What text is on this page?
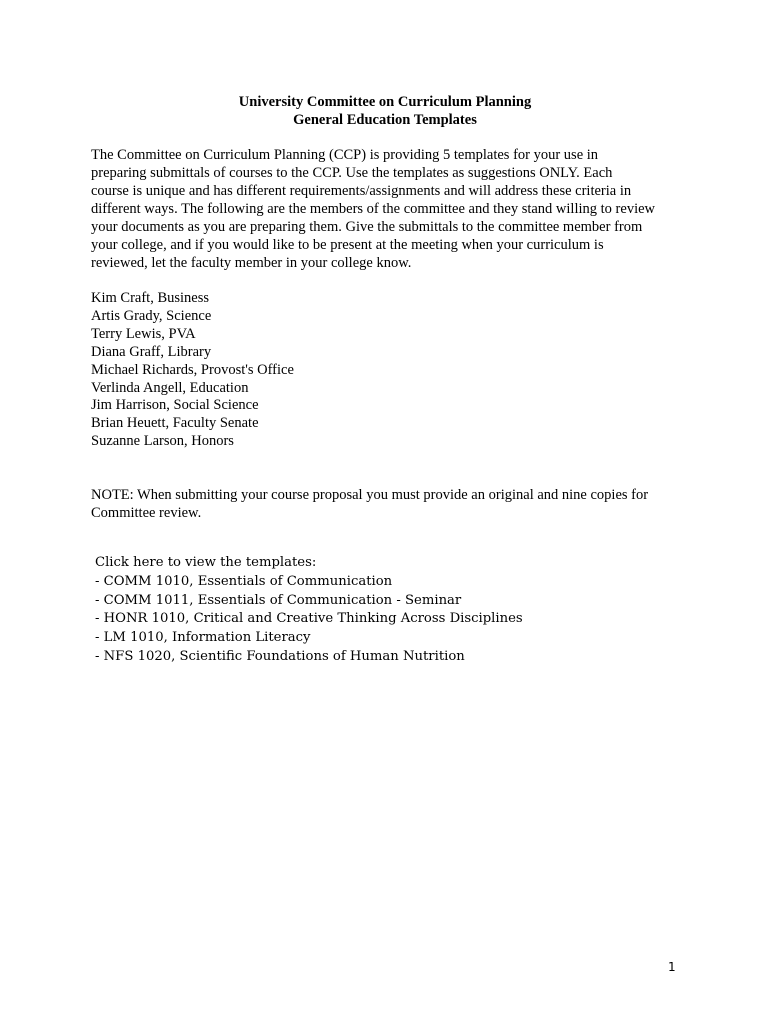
University Committee on Curriculum Planning
General Education Templates

The Committee on Curriculum Planning (CCP) is providing 5 templates for your use in
preparing submittals of courses to the CCP. Use the templates as suggestions ONLY. Each
course is unique and has different requirements/assignments and will address these criteria in
different ways. The following are the members of the committee and they stand willing to review
your documents as you are preparing them. Give the submittals to the committee member from
your college, and if you would like to be present at the meeting when your curriculum is
reviewed, let the faculty member in your college know.

Kim Craft, Business
Artis Grady, Science
Terry Lewis, PVA
Diana Graff, Library
Michael Richards, Provost's Office
Verlinda Angell, Education
Jim Harrison, Social Science
Brian Heuett, Faculty Senate
Suzanne Larson, Honors
NOTE: When submitting your course proposal you must provide an original and nine copies for
Committee review.
Click here to view the templates:
- COMM 1010, Essentials of Communication
- COMM 1011, Essentials of Communication - Seminar
- HONR 1010, Critical and Creative Thinking Across Disciplines
- LM 1010, Information Literacy
- NFS 1020, Scientific Foundations of Human Nutrition
1
